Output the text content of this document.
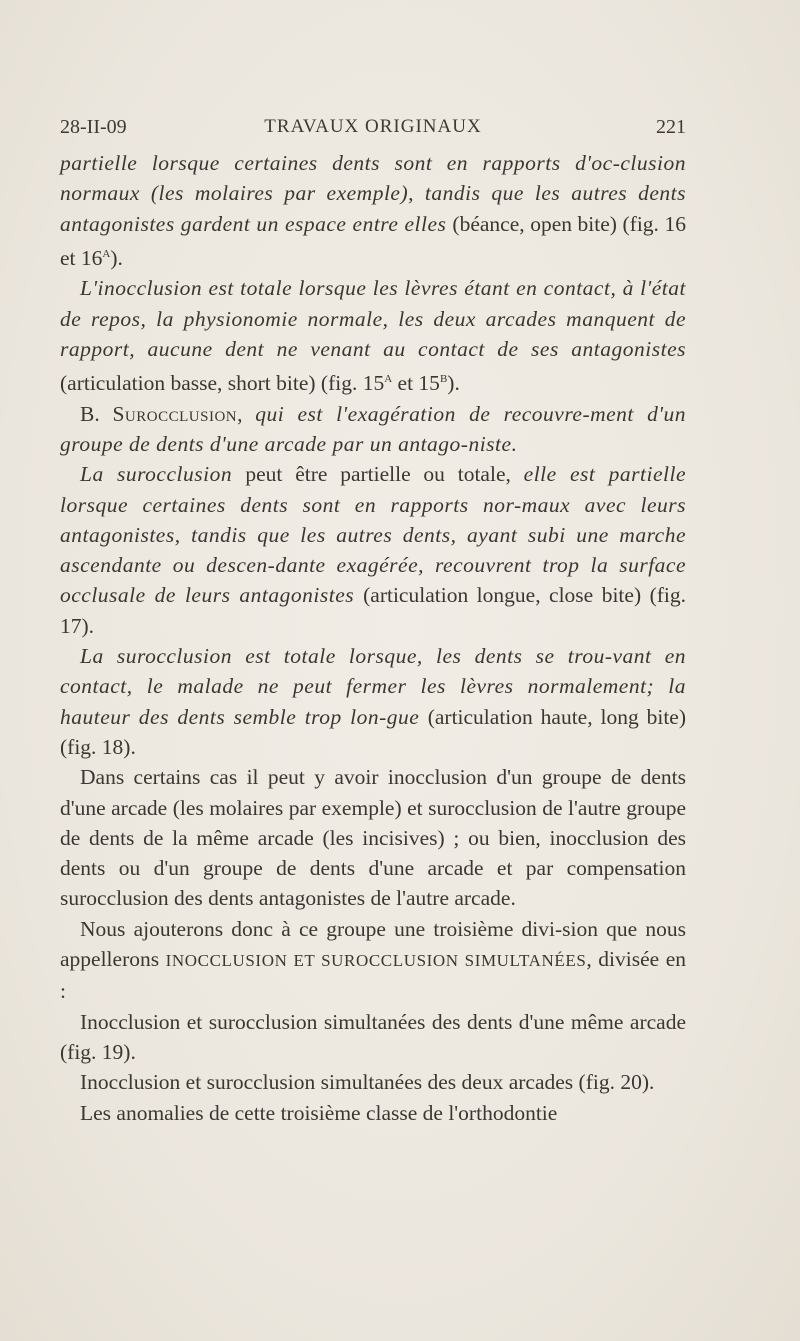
28-II-09	TRAVAUX ORIGINAUX	221

partielle lorsque certaines dents sont en rapports d'oc-clusion normaux (les molaires par exemple), tandis que les autres dents antagonistes gardent un espace entre elles (béance, open bite) (fig. 16 et $16^A$).

L'inocclusion est totale lorsque les lèvres étant en contact, à l'état de repos, la physionomie normale, les deux arcades manquent de rapport, aucune dent ne venant au contact de ses antagonistes (articulation basse, short bite) (fig. $15^A$ et $15^B$).

B. Surocclusion, qui est l'exagération de recouvre-ment d'un groupe de dents d'une arcade par un antago-niste.

La surocclusion peut être partielle ou totale, elle est partielle lorsque certaines dents sont en rapports nor-maux avec leurs antagonistes, tandis que les autres dents, ayant subi une marche ascendante ou descen-dante exagérée, recouvrent trop la surface occlusale de leurs antagonistes (articulation longue, close bite) (fig. 17).

La surocclusion est totale lorsque, les dents se trou-vant en contact, le malade ne peut fermer les lèvres normalement; la hauteur des dents semble trop lon-gue (articulation haute, long bite) (fig. 18).

Dans certains cas il peut y avoir inocclusion d'un groupe de dents d'une arcade (les molaires par exemple) et surocclusion de l'autre groupe de dents de la même arcade (les incisives) ; ou bien, inocclusion des dents ou d'un groupe de dents d'une arcade et par compensation surocclusion des dents antagonistes de l'autre arcade.

Nous ajouterons donc à ce groupe une troisième divi-sion que nous appellerons INOCCLUSION ET SUROCCLUSION SIMULTANÉES, divisée en :

Inocclusion et surocclusion simultanées des dents d'une même arcade (fig. 19).

Inocclusion et surocclusion simultanées des deux arcades (fig. 20).

Les anomalies de cette troisième classe de l'orthodontie
